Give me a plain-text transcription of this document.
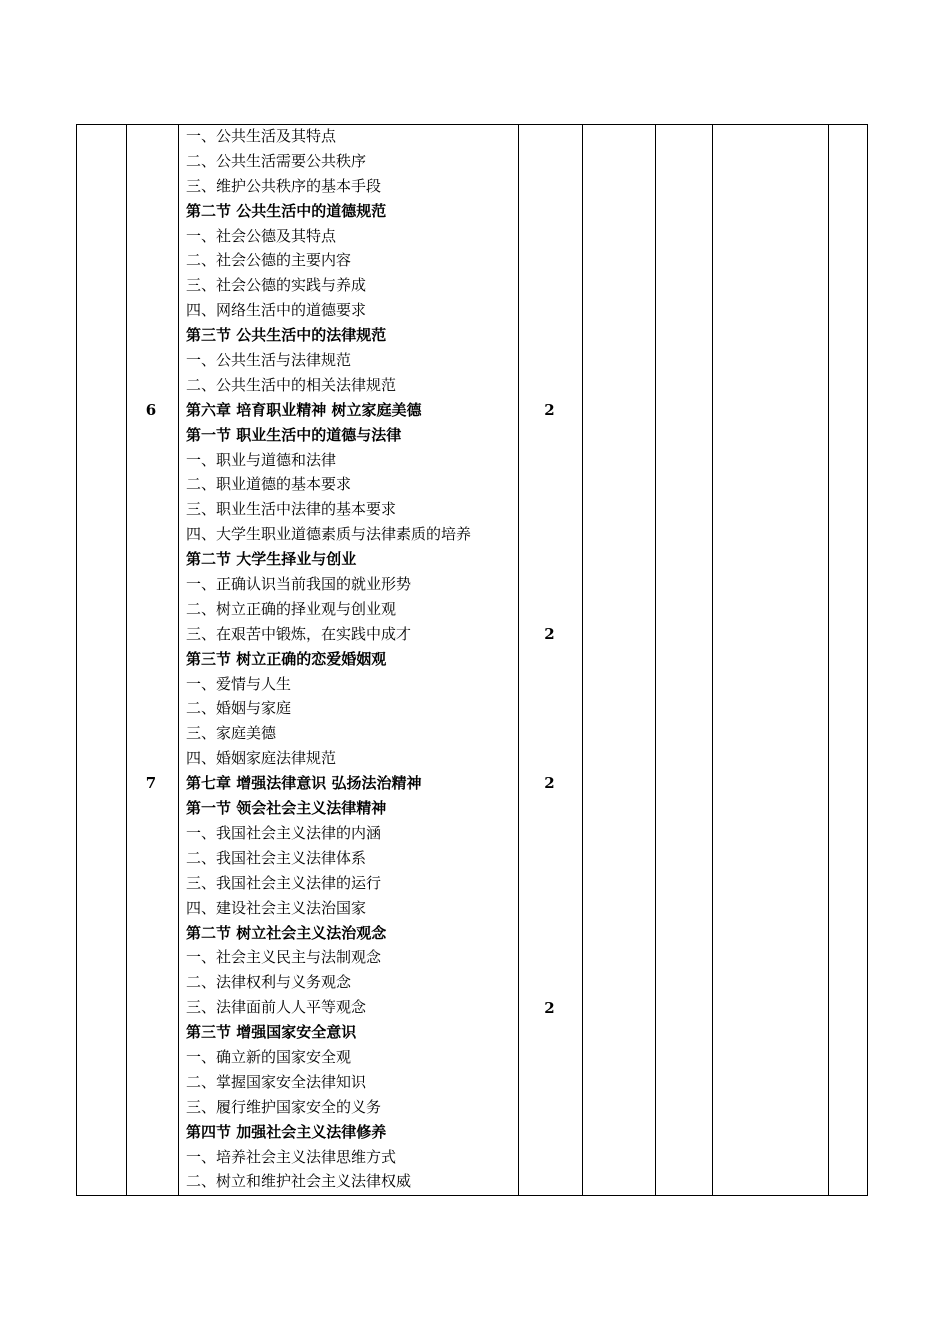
一、公共生活及其特点
二、公共生活需要公共秩序
三、维护公共秩序的基本手段
第二节 公共生活中的道德规范
一、社会公德及其特点
二、社会公德的主要内容
三、社会公德的实践与养成
四、网络生活中的道德要求
第三节 公共生活中的法律规范
一、公共生活与法律规范
二、公共生活中的相关法律规范
第六章 培育职业精神 树立家庭美德
第一节 职业生活中的道德与法律
一、职业与道德和法律
二、职业道德的基本要求
三、职业生活中法律的基本要求
四、大学生职业道德素质与法律素质的培养
第二节 大学生择业与创业
一、正确认识当前我国的就业形势
二、树立正确的择业观与创业观
三、在艰苦中锻炼，在实践中成才
第三节 树立正确的恋爱婚姻观
一、爱情与人生
二、婚姻与家庭
三、家庭美德
四、婚姻家庭法律规范
第七章 增强法律意识 弘扬法治精神
第一节 领会社会主义法律精神
一、我国社会主义法律的内涵
二、我国社会主义法律体系
三、我国社会主义法律的运行
四、建设社会主义法治国家
第二节 树立社会主义法治观念
一、社会主义民主与法制观念
二、法律权利与义务观念
三、法律面前人人平等观念
第三节 增强国家安全意识
一、确立新的国家安全观
二、掌握国家安全法律知识
三、履行维护国家安全的义务
第四节 加强社会主义法律修养
一、培养社会主义法律思维方式
二、树立和维护社会主义法律权威
6
7
2
2
2
2
